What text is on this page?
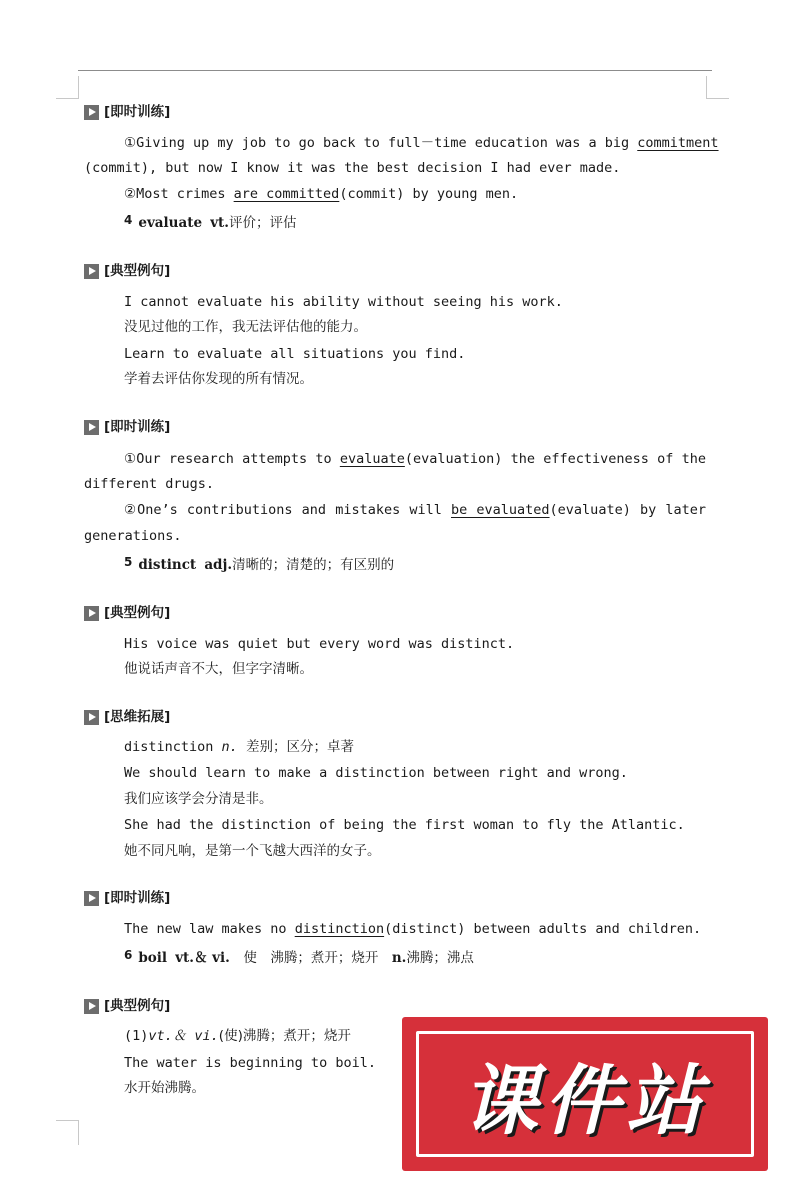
[即时训练]
①Giving up my job to go back to full－time education was a big commitment
(commit), but now I know it was the best decision I had ever made.
②Most crimes are committed(commit) by young men.
4 evaluate vt.评价；评估
[典型例句]
I cannot evaluate his ability without seeing his work.
没见过他的工作，我无法评估他的能力。
Learn to evaluate all situations you find.
学着去评估你发现的所有情况。
[即时训练]
①Our research attempts to evaluate(evaluation) the effectiveness of the
different drugs.
②One’s contributions and mistakes will be evaluated(evaluate) by later
generations.
5 distinct adj.清晰的；清楚的；有区别的
[典型例句]
His voice was quiet but every word was distinct.
他说话声音不大，但字字清晰。
[思维拓展]
distinction n. 差别；区分；卓著
We should learn to make a distinction between right and wrong.
我们应该学会分清是非。
She had the distinction of being the first woman to fly the Atlantic.
她不同凡响，是第一个飞越大西洋的女子。
[即时训练]
The new law makes no distinction(distinct) between adults and children.
6 boil vt.＆ vi.　 使　沸腾；煮开；烧开　 n.沸腾；沸点
[典型例句]
(1)vt.＆ vi.(使)沸腾；煮开；烧开
The water is beginning to boil.
水开始沸腾。	课件站
